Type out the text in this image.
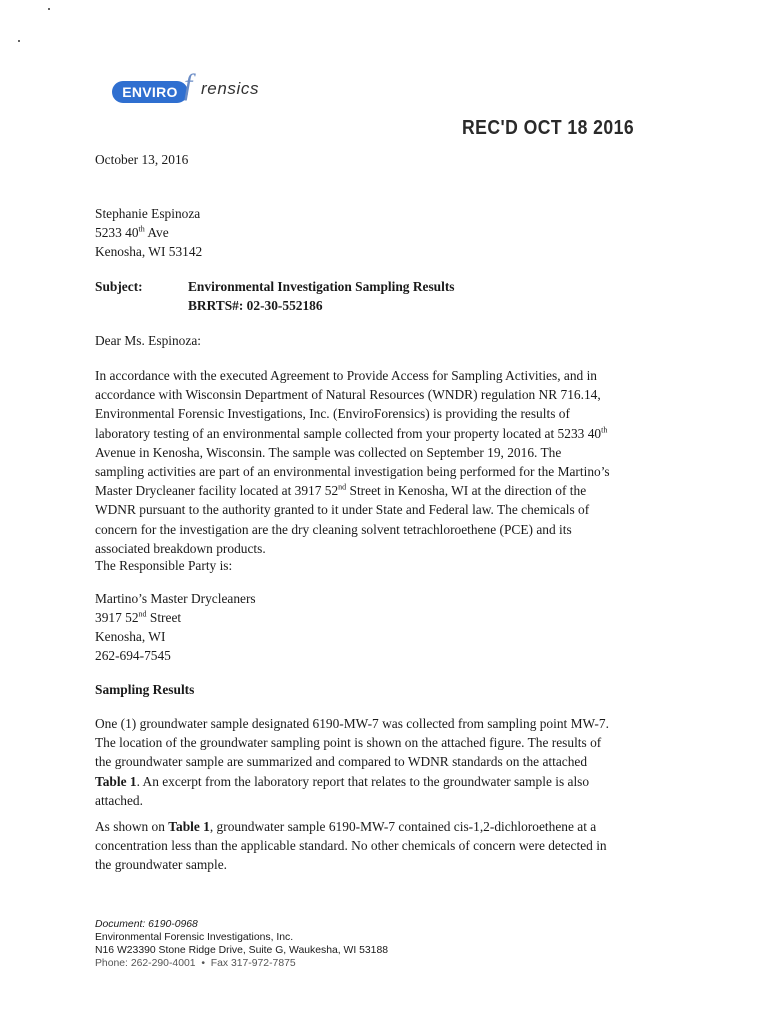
ENVIRO f rensics
REC'D OCT 18 2016
October 13, 2016
Stephanie Espinoza
5233 40th Ave
Kenosha, WI 53142
Subject:	Environmental Investigation Sampling Results
BRRTS#: 02-30-552186
Dear Ms. Espinoza:
In accordance with the executed Agreement to Provide Access for Sampling Activities, and in
accordance with Wisconsin Department of Natural Resources (WNDR) regulation NR 716.14,
Environmental Forensic Investigations, Inc. (EnviroForensics) is providing the results of
laboratory testing of an environmental sample collected from your property located at 5233 40th
Avenue in Kenosha, Wisconsin. The sample was collected on September 19, 2016. The
sampling activities are part of an environmental investigation being performed for the Martino’s
Master Drycleaner facility located at 3917 52nd Street in Kenosha, WI at the direction of the
WDNR pursuant to the authority granted to it under State and Federal law. The chemicals of
concern for the investigation are the dry cleaning solvent tetrachloroethene (PCE) and its
associated breakdown products.
The Responsible Party is:
Martino’s Master Drycleaners
3917 52nd Street
Kenosha, WI
262-694-7545
Sampling Results
One (1) groundwater sample designated 6190-MW-7 was collected from sampling point MW-7.
The location of the groundwater sampling point is shown on the attached figure. The results of
the groundwater sample are summarized and compared to WDNR standards on the attached
Table 1. An excerpt from the laboratory report that relates to the groundwater sample is also
attached.
As shown on Table 1, groundwater sample 6190-MW-7 contained cis-1,2-dichloroethene at a
concentration less than the applicable standard. No other chemicals of concern were detected in
the groundwater sample.
Document: 6190-0968
Environmental Forensic Investigations, Inc.
N16 W23390 Stone Ridge Drive, Suite G, Waukesha, WI 53188
Phone: 262-290-4001 • Fax 317-972-7875
